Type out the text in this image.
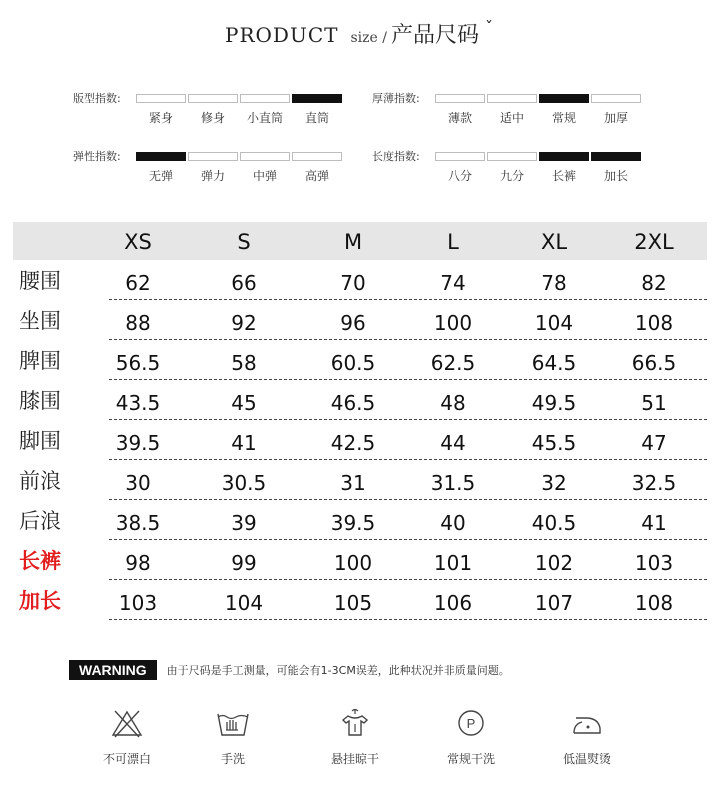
PRODUCT size / 产品尺码 ˇ
版型指数:
紧身	修身	小直筒	直筒
厚薄指数:
薄款	适中	常规	加厚
弹性指数:
无弹	弹力	中弹	高弹
长度指数:
八分	九分	长裤	加长
XS	S	M	L	XL	2XL
腰围	62	66	70	74	78	82
坐围	88	92	96	100	104	108
脾围	56.5	58	60.5	62.5	64.5	66.5
膝围	43.5	45	46.5	48	49.5	51
脚围	39.5	41	42.5	44	45.5	47
前浪	30	30.5	31	31.5	32	32.5
后浪	38.5	39	39.5	40	40.5	41
长裤	98	99	100	101	102	103
加长	103	104	105	106	107	108
WARNING	由于尺码是手工测量，可能会有1-3CM误差，此种状况并非质量问题。
不可漂白	手洗	悬挂晾干
P
常规干洗	低温熨烫
